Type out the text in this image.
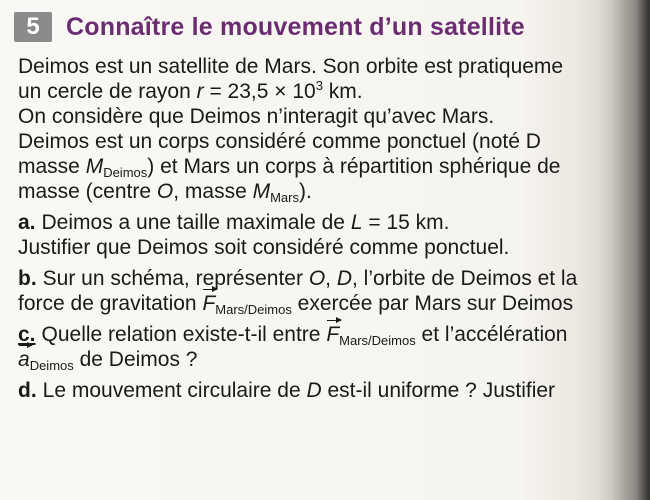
5	Connaître le mouvement d’un satellite
Deimos est un satellite de Mars. Son orbite est pratiqueme
un cercle de rayon $r = 23,5 \times 10^3$ km.
On considère que Deimos n’interagit qu’avec Mars.
Deimos est un corps considéré comme ponctuel (noté D
masse $M_{Deimos}$) et Mars un corps à répartition sphérique de
masse (centre O, masse $M_{Mars}$).
a. Deimos a une taille maximale de L = 15 km.
Justifier que Deimos soit considéré comme ponctuel.
b. Sur un schéma, représenter O, D, l’orbite de Deimos et la
force de gravitation $F_{Mars/Deimos}$ exercée par Mars sur Deimos
c. Quelle relation existe-t-il entre $F_{Mars/Deimos}$ et l’accélération
$a_{Deimos}$ de Deimos ?
d. Le mouvement circulaire de D est-il uniforme ? Justifier
